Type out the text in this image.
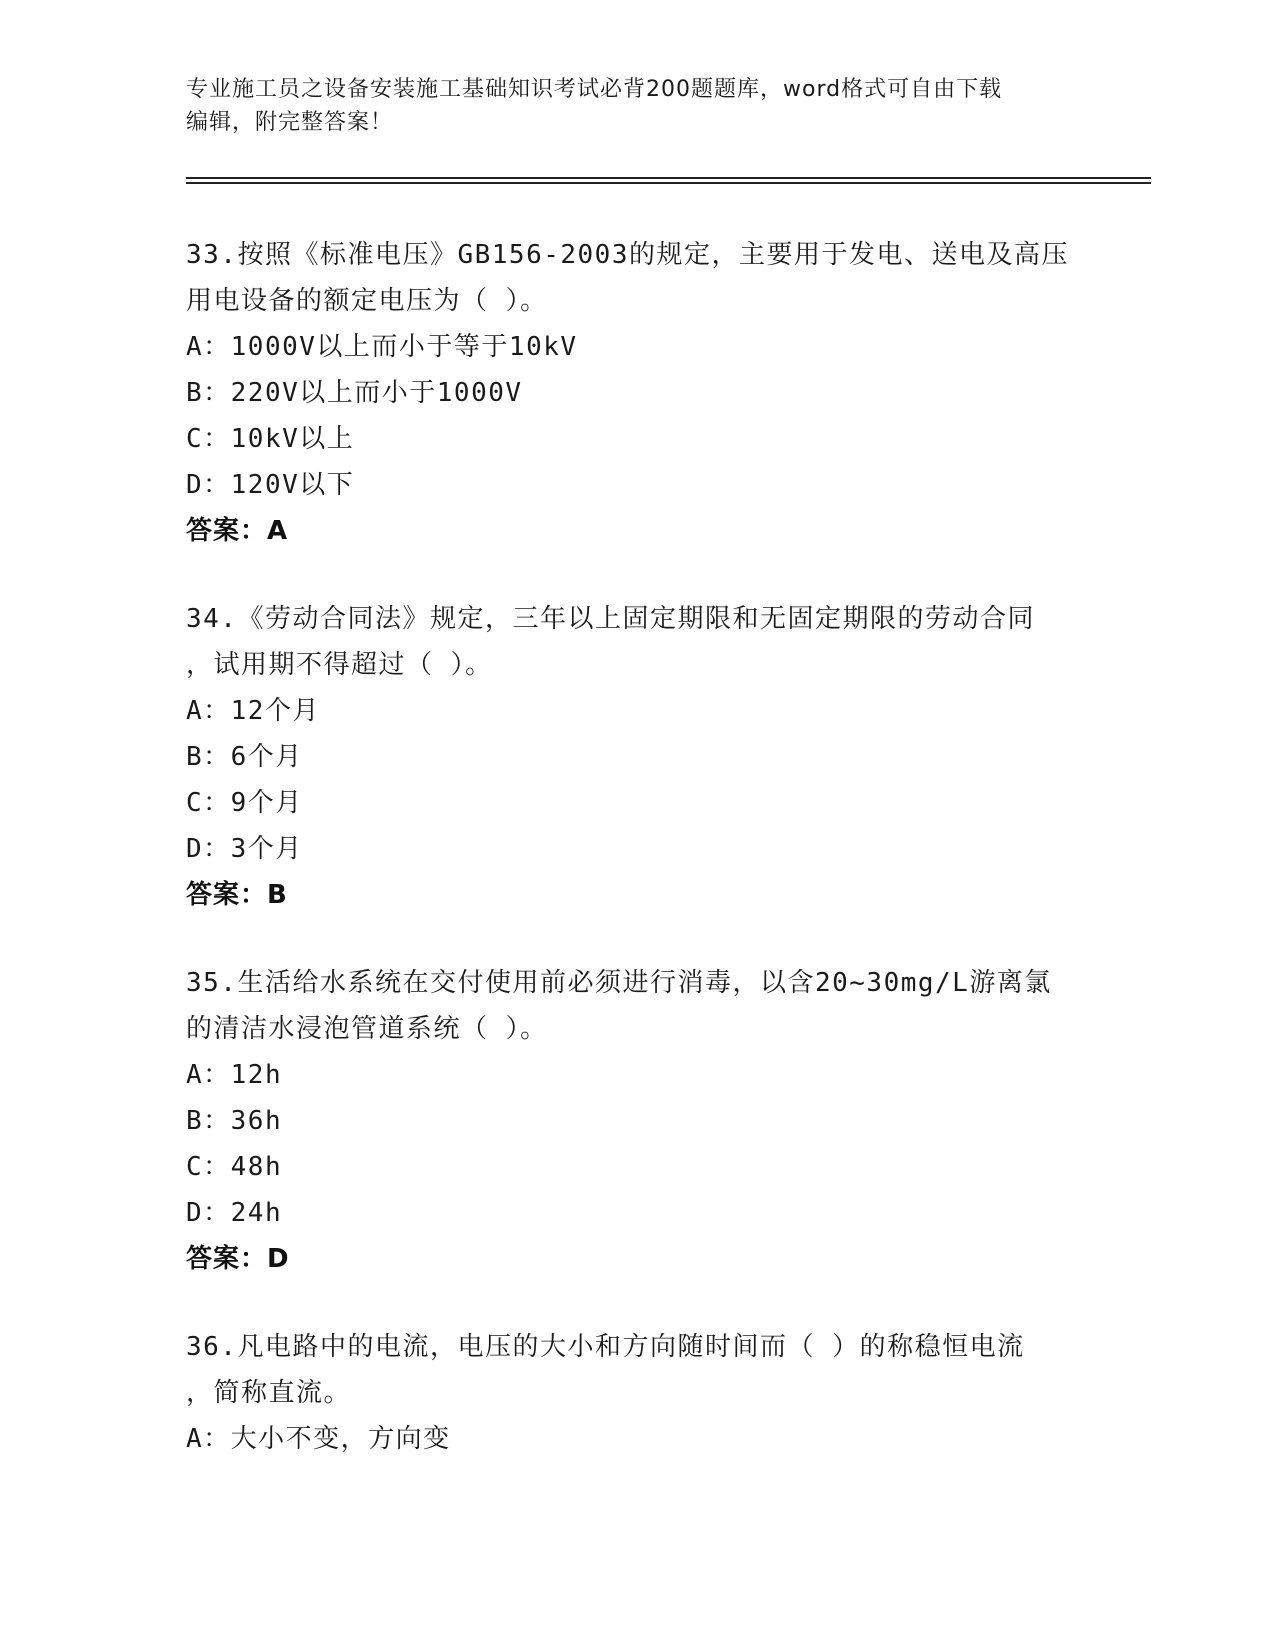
专业施工员之设备安装施工基础知识考试必背200题题库，word格式可自由下载
编辑，附完整答案！
33.按照《标准电压》GB156-2003的规定，主要用于发电、送电及高压
用电设备的额定电压为（ ）。
A：1000V以上而小于等于10kV
B：220V以上而小于1000V
C：10kV以上
D：120V以下
答案：A
34.《劳动合同法》规定，三年以上固定期限和无固定期限的劳动合同
，试用期不得超过（ ）。
A：12个月
B：6个月
C：9个月
D：3个月
答案：B
35.生活给水系统在交付使用前必须进行消毒，以含20~30mg/L游离氯
的清洁水浸泡管道系统（ ）。
A：12h
B：36h
C：48h
D：24h
答案：D
36.凡电路中的电流，电压的大小和方向随时间而（ ）的称稳恒电流
，简称直流。
A：大小不变，方向变
